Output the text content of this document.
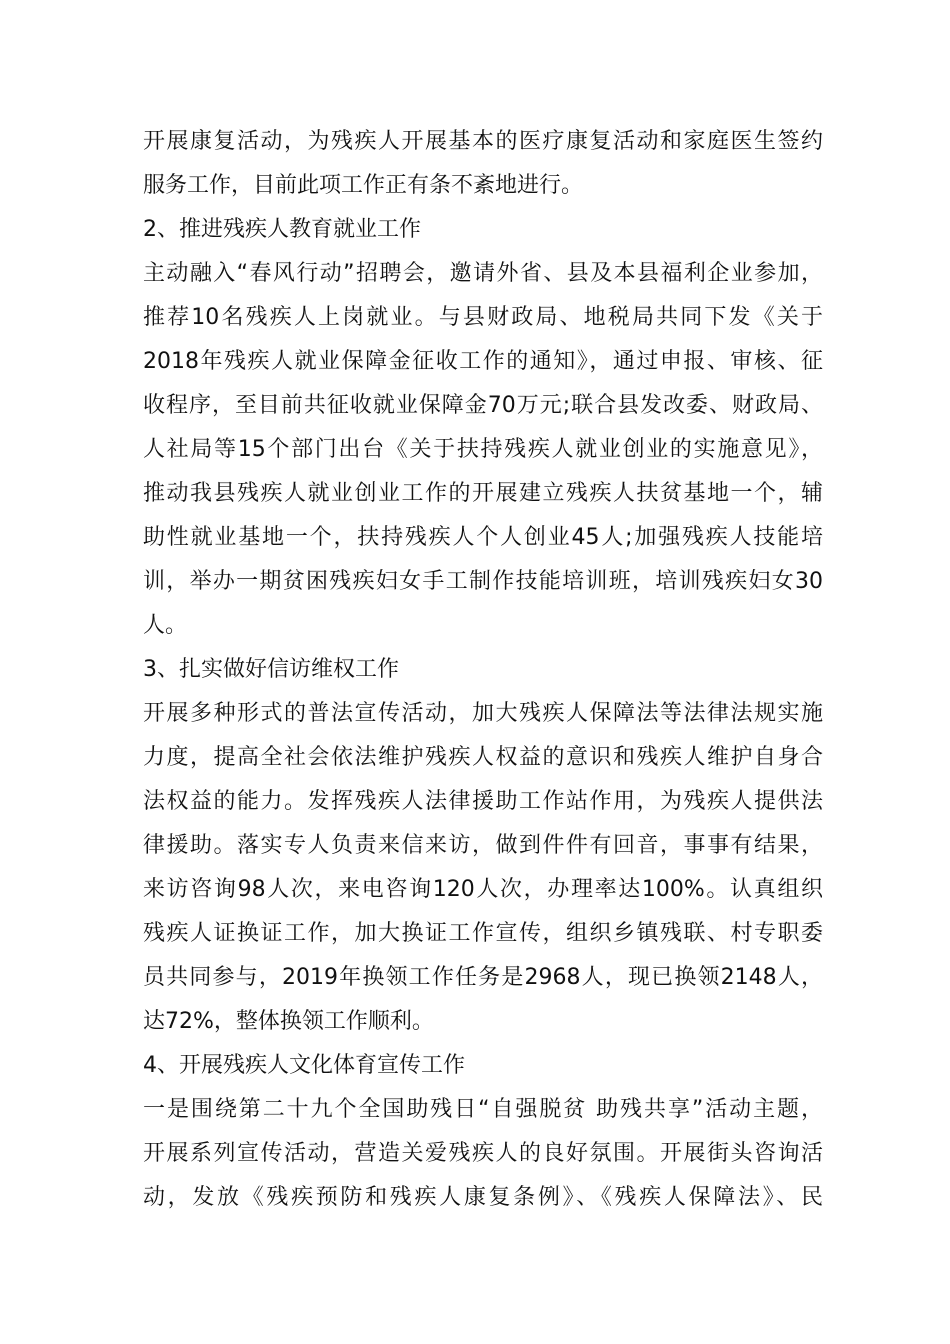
开展康复活动，为残疾人开展基本的医疗康复活动和家庭医生签约
服务工作，目前此项工作正有条不紊地进行。
2、推进残疾人教育就业工作
主动融入“春风行动”招聘会，邀请外省、县及本县福利企业参加，
推荐10名残疾人上岗就业。与县财政局、地税局共同下发《关于
2018年残疾人就业保障金征收工作的通知》，通过申报、审核、征
收程序，至目前共征收就业保障金70万元;联合县发改委、财政局、
人社局等15个部门出台《关于扶持残疾人就业创业的实施意见》，
推动我县残疾人就业创业工作的开展建立残疾人扶贫基地一个，辅
助性就业基地一个，扶持残疾人个人创业45人;加强残疾人技能培
训，举办一期贫困残疾妇女手工制作技能培训班，培训残疾妇女30
人。
3、扎实做好信访维权工作
开展多种形式的普法宣传活动，加大残疾人保障法等法律法规实施
力度，提高全社会依法维护残疾人权益的意识和残疾人维护自身合
法权益的能力。发挥残疾人法律援助工作站作用，为残疾人提供法
律援助。落实专人负责来信来访，做到件件有回音，事事有结果，
来访咨询98人次，来电咨询120人次，办理率达100%。认真组织
残疾人证换证工作，加大换证工作宣传，组织乡镇残联、村专职委
员共同参与，2019年换领工作任务是2968人，现已换领2148人，
达72%，整体换领工作顺利。
4、开展残疾人文化体育宣传工作
一是围绕第二十九个全国助残日“自强脱贫 助残共享”活动主题，
开展系列宣传活动，营造关爱残疾人的良好氛围。开展街头咨询活
动，发放《残疾预防和残疾人康复条例》、《残疾人保障法》、民
